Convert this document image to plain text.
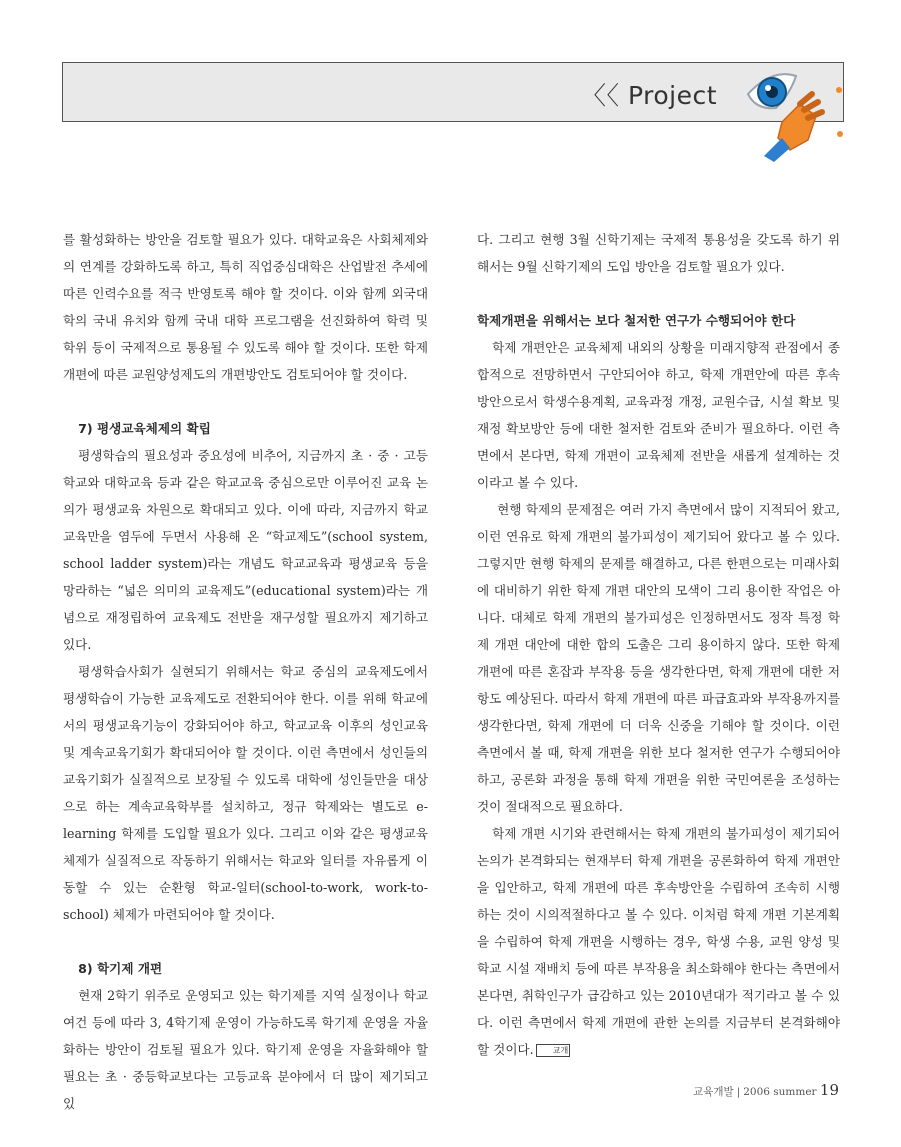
〈〈 Project

를 활성화하는 방안을 검토할 필요가 있다. 대학교육은 사회체제와 의 연계를 강화하도록 하고, 특히 직업중심대학은 산업발전 추세에 따른 인력수요를 적극 반영토록 해야 할 것이다. 이와 함께 외국대학의 국내 유치와 함께 국내 대학 프로그램을 선진화하여 학력 및 학위 등이 국제적으로 통용될 수 있도록 해야 할 것이다. 또한 학제 개편에 따른 교원양성제도의 개편방안도 검토되어야 할 것이다.

7) 평생교육체제의 확립

평생학습의 필요성과 중요성에 비추어, 지금까지 초 · 중 · 고등학교와 대학교육 등과 같은 학교교육 중심으로만 이루어진 교육 논의가 평생교육 차원으로 확대되고 있다. 이에 따라, 지금까지 학교교육만을 염두에 두면서 사용해 온 “학교제도”(school system, school ladder system)라는 개념도 학교교육과 평생교육 등을 망라하는 “넓은 의미의 교육제도”(educational system)라는 개념으로 재정립하여 교육제도 전반을 재구성할 필요까지 제기하고 있다.

평생학습사회가 실현되기 위해서는 학교 중심의 교육제도에서 평생학습이 가능한 교육제도로 전환되어야 한다. 이를 위해 학교에서의 평생교육기능이 강화되어야 하고, 학교교육 이후의 성인교육 및 계속교육기회가 확대되어야 할 것이다. 이런 측면에서 성인들의 교육기회가 실질적으로 보장될 수 있도록 대학에 성인들만을 대상으로 하는 계속교육학부를 설치하고, 정규 학제와는 별도로 e-learning 학제를 도입할 필요가 있다. 그리고 이와 같은 평생교육체제가 실질적으로 작동하기 위해서는 학교와 일터를 자유롭게 이동할 수 있는 순환형 학교-일터(school-to-work, work-to-school) 체제가 마련되어야 할 것이다.

8) 학기제 개편

현재 2학기 위주로 운영되고 있는 학기제를 지역 실정이나 학교 여건 등에 따라 3, 4학기제 운영이 가능하도록 학기제 운영을 자율화하는 방안이 검토될 필요가 있다. 학기제 운영을 자율화해야 할 필요는 초 · 중등학교보다는 고등교육 분야에서 더 많이 제기되고 있

다. 그리고 현행 3월 신학기제는 국제적 통용성을 갖도록 하기 위해서는 9월 신학기제의 도입 방안을 검토할 필요가 있다.

학제개편을 위해서는 보다 철저한 연구가 수행되어야 한다

학제 개편안은 교육체제 내외의 상황을 미래지향적 관점에서 종합적으로 전망하면서 구안되어야 하고, 학제 개편안에 따른 후속 방안으로서 학생수용계획, 교육과정 개정, 교원수급, 시설 확보 및 재정 확보방안 등에 대한 철저한 검토와 준비가 필요하다. 이런 측면에서 본다면, 학제 개편이 교육체제 전반을 새롭게 설계하는 것이라고 볼 수 있다.

현행 학제의 문제점은 여러 가지 측면에서 많이 지적되어 왔고, 이런 연유로 학제 개편의 불가피성이 제기되어 왔다고 볼 수 있다. 그렇지만 현행 학제의 문제를 해결하고, 다른 한편으로는 미래사회에 대비하기 위한 학제 개편 대안의 모색이 그리 용이한 작업은 아니다. 대체로 학제 개편의 불가피성은 인정하면서도 정작 특정 학제 개편 대안에 대한 합의 도출은 그리 용이하지 않다. 또한 학제 개편에 따른 혼잡과 부작용 등을 생각한다면, 학제 개편에 대한 저항도 예상된다. 따라서 학제 개편에 따른 파급효과와 부작용까지를 생각한다면, 학제 개편에 더 더욱 신중을 기해야 할 것이다. 이런 측면에서 볼 때, 학제 개편을 위한 보다 철저한 연구가 수행되어야 하고, 공론화 과정을 통해 학제 개편을 위한 국민여론을 조성하는 것이 절대적으로 필요하다.

학제 개편 시기와 관련해서는 학제 개편의 불가피성이 제기되어 논의가 본격화되는 현재부터 학제 개편을 공론화하여 학제 개편안을 입안하고, 학제 개편에 따른 후속방안을 수립하여 조속히 시행하는 것이 시의적절하다고 볼 수 있다. 이처럼 학제 개편 기본계획을 수립하여 학제 개편을 시행하는 경우, 학생 수용, 교원 양성 및 학교 시설 재배치 등에 따른 부작용을 최소화해야 한다는 측면에서 본다면, 취학인구가 급감하고 있는 2010년대가 적기라고 볼 수 있다. 이런 측면에서 학제 개편에 관한 논의를 지금부터 본격화해야 할 것이다. 교개

교육개발 | 2006 summer 19
